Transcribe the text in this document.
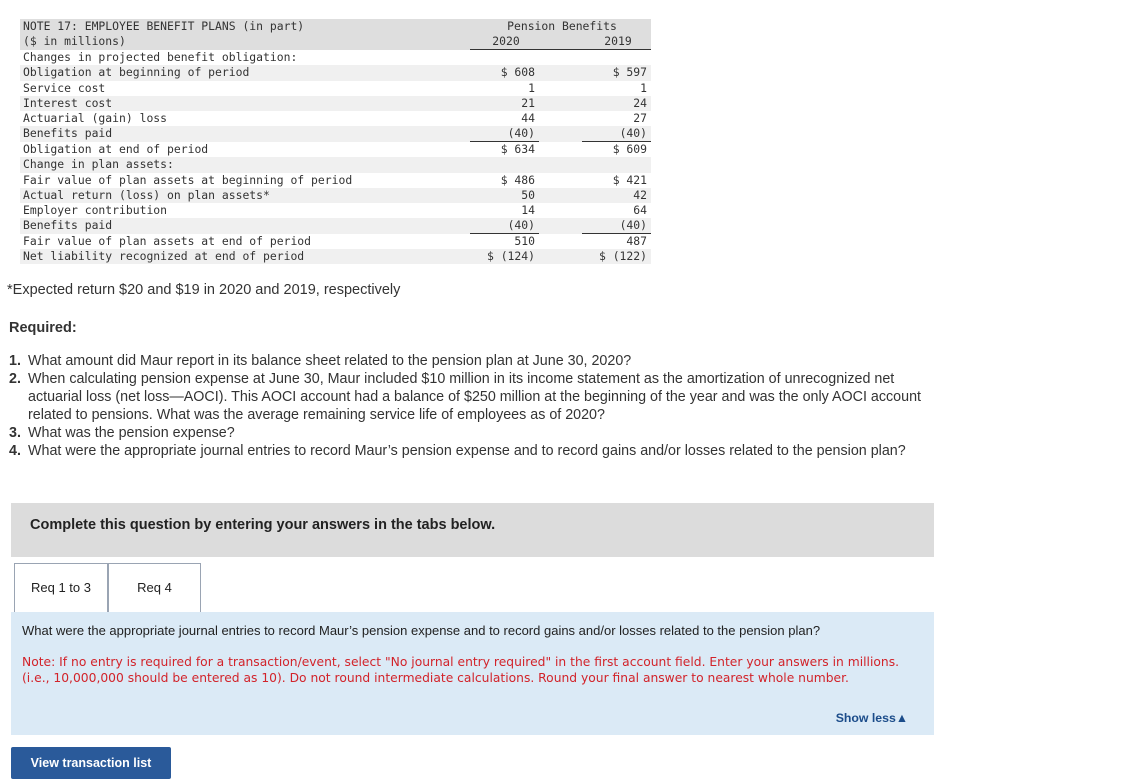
NOTE 17: EMPLOYEE BENEFIT PLANS (in part)	Pension Benefits		
($ in millions)	2020		2019
Changes in projected benefit obligation:			
Obligation at beginning of period	$ 608		$ 597
Service cost	1		1
Interest cost	21		24
Actuarial (gain) loss	44		27
Benefits paid	(40)		(40)
Obligation at end of period	$ 634		$ 609
Change in plan assets:			
Fair value of plan assets at beginning of period	$ 486		$ 421
Actual return (loss) on plan assets*	50		42
Employer contribution	14		64
Benefits paid	(40)		(40)
Fair value of plan assets at end of period	510		487
Net liability recognized at end of period	$ (124)		$ (122)
*Expected return $20 and $19 in 2020 and 2019, respectively
Required:
1. What amount did Maur report in its balance sheet related to the pension plan at June 30, 2020?
2. When calculating pension expense at June 30, Maur included $10 million in its income statement as the amortization of unrecognized net actuarial loss (net loss—AOCI). This AOCI account had a balance of $250 million at the beginning of the year and was the only AOCI account related to pensions. What was the average remaining service life of employees as of 2020?
3. What was the pension expense?
4. What were the appropriate journal entries to record Maur’s pension expense and to record gains and/or losses related to the pension plan?
Complete this question by entering your answers in the tabs below.
Req 1 to 3	Req 4
What were the appropriate journal entries to record Maur’s pension expense and to record gains and/or losses related to the pension plan?
Note: If no entry is required for a transaction/event, select "No journal entry required" in the first account field. Enter your answers in millions. (i.e., 10,000,000 should be entered as 10). Do not round intermediate calculations. Round your final answer to nearest whole number.
Show less▲
View transaction list
